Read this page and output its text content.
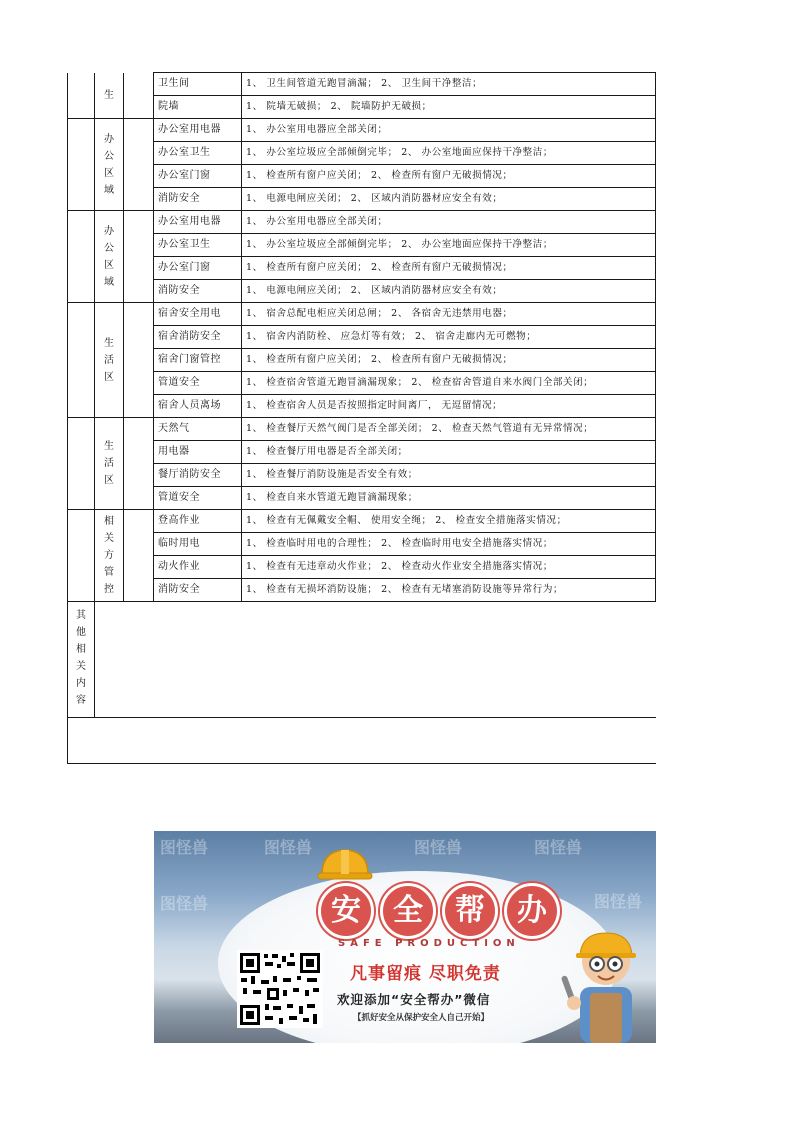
	生		卫生间	1、 卫生间管道无跑冒滴漏； 2、 卫生间干净整洁；
			院墙	1、 院墙无破损； 2、 院墙防护无破损；
	办公区域		办公室用电器	1、 办公室用电器应全部关闭；
			办公室卫生	1、 办公室垃圾应全部倾倒完毕； 2、 办公室地面应保持干净整洁；
			办公室门窗	1、 检查所有窗户应关闭； 2、 检查所有窗户无破损情况；
			消防安全	1、 电源电闸应关闭； 2、 区域内消防器材应安全有效；
	办公区域		办公室用电器	1、 办公室用电器应全部关闭；
			办公室卫生	1、 办公室垃圾应全部倾倒完毕； 2、 办公室地面应保持干净整洁；
			办公室门窗	1、 检查所有窗户应关闭； 2、 检查所有窗户无破损情况；
			消防安全	1、 电源电闸应关闭； 2、 区域内消防器材应安全有效；
	生活区		宿舍安全用电	1、 宿舍总配电柜应关闭总闸； 2、 各宿舍无违禁用电器；
			宿舍消防安全	1、 宿舍内消防栓、 应急灯等有效； 2、 宿舍走廊内无可燃物；
			宿舍门窗管控	1、 检查所有窗户应关闭； 2、 检查所有窗户无破损情况；
			管道安全	1、 检查宿舍管道无跑冒滴漏现象； 2、 检查宿舍管道自来水阀门全部关闭；
			宿舍人员离场	1、 检查宿舍人员是否按照指定时间离厂， 无逗留情况；
	生活区		天然气	1、 检查餐厅天然气阀门是否全部关闭； 2、 检查天然气管道有无异常情况；
			用电器	1、 检查餐厅用电器是否全部关闭；
			餐厅消防安全	1、 检查餐厅消防设施是否安全有效；
			管道安全	1、 检查自来水管道无跑冒滴漏现象；
	相关方管控		登高作业	1、 检查有无佩戴安全帽、 使用安全绳； 2、 检查安全措施落实情况；
			临时用电	1、 检查临时用电的合理性； 2、 检查临时用电安全措施落实情况；
			动火作业	1、 检查有无违章动火作业； 2、 检查动火作业安全措施落实情况；
			消防安全	1、 检查有无损坏消防设施； 2、 检查有无堵塞消防设施等异常行为；
其他相关内容				

图怪兽	图怪兽	图怪兽	图怪兽
图怪兽	图怪兽
安	全	帮	办
SAFE PRODUCTION
凡事留痕 尽职免责
欢迎添加“安全帮办”微信
【抓好安全从保护安全人自己开始】
